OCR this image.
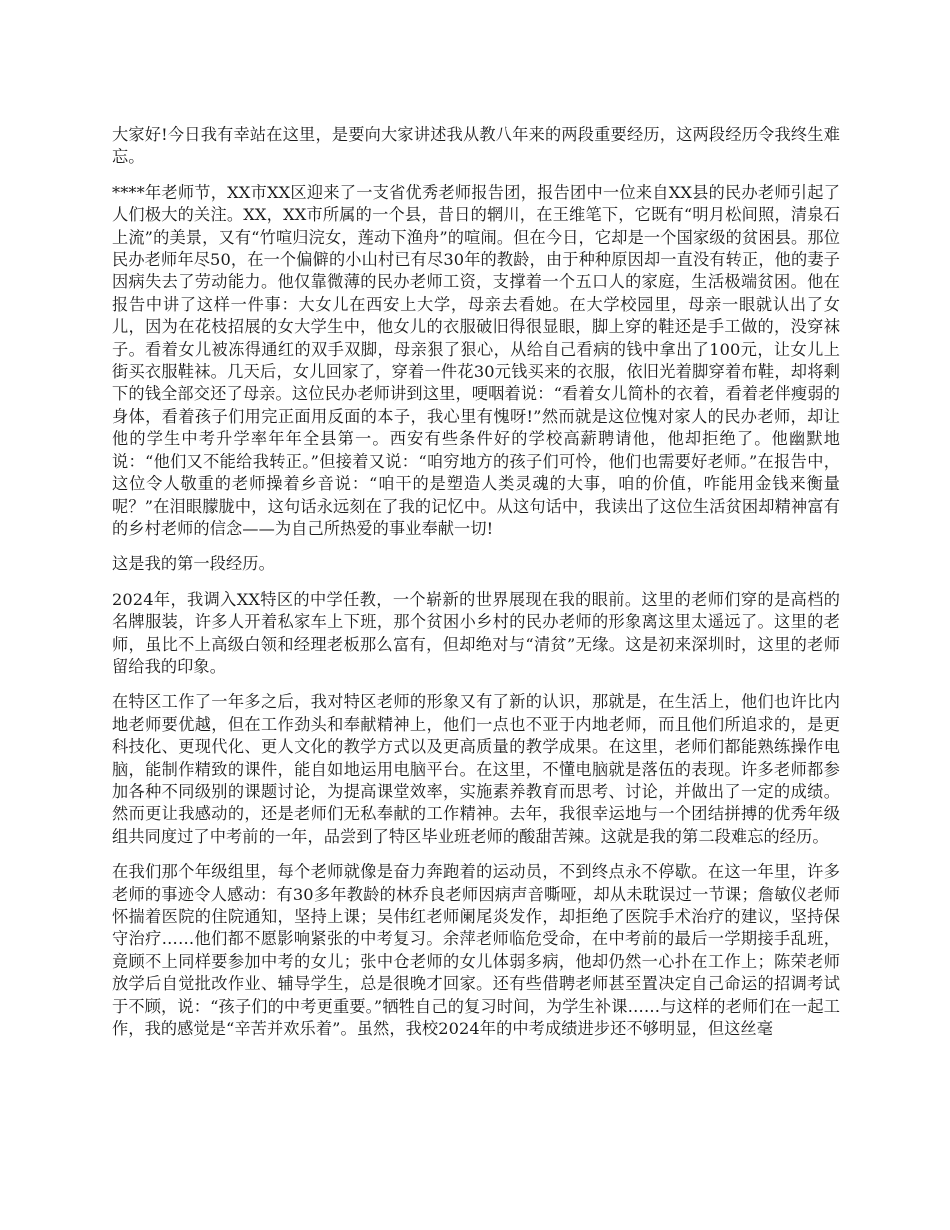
大家好!今日我有幸站在这里，是要向大家讲述我从教八年来的两段重要经历，这两段经历令我终生难忘。

****年老师节，XX市XX区迎来了一支省优秀老师报告团，报告团中一位来自XX县的民办老师引起了人们极大的关注。XX，XX市所属的一个县，昔日的辋川，在王维笔下，它既有“明月松间照，清泉石上流”的美景，又有“竹喧归浣女，莲动下渔舟”的喧闹。但在今日，它却是一个国家级的贫困县。那位民办老师年尽50，在一个偏僻的小山村已有尽30年的教龄，由于种种原因却一直没有转正，他的妻子因病失去了劳动能力。他仅靠微薄的民办老师工资，支撑着一个五口人的家庭，生活极端贫困。他在报告中讲了这样一件事：大女儿在西安上大学，母亲去看她。在大学校园里，母亲一眼就认出了女儿，因为在花枝招展的女大学生中，他女儿的衣服破旧得很显眼，脚上穿的鞋还是手工做的，没穿袜子。看着女儿被冻得通红的双手双脚，母亲狠了狠心，从给自己看病的钱中拿出了100元，让女儿上街买衣服鞋袜。几天后，女儿回家了，穿着一件花30元钱买来的衣服，依旧光着脚穿着布鞋，却将剩下的钱全部交还了母亲。这位民办老师讲到这里，哽咽着说：“看着女儿简朴的衣着，看着老伴瘦弱的身体，看着孩子们用完正面用反面的本子，我心里有愧呀!”然而就是这位愧对家人的民办老师，却让他的学生中考升学率年年全县第一。西安有些条件好的学校高薪聘请他，他却拒绝了。他幽默地说：“他们又不能给我转正。”但接着又说：“咱穷地方的孩子们可怜，他们也需要好老师。”在报告中，这位令人敬重的老师操着乡音说：“咱干的是塑造人类灵魂的大事，咱的价值，咋能用金钱来衡量呢？”在泪眼朦胧中，这句话永远刻在了我的记忆中。从这句话中，我读出了这位生活贫困却精神富有的乡村老师的信念——为自己所热爱的事业奉献一切!

这是我的第一段经历。

2024年，我调入XX特区的中学任教，一个崭新的世界展现在我的眼前。这里的老师们穿的是高档的名牌服装，许多人开着私家车上下班，那个贫困小乡村的民办老师的形象离这里太遥远了。这里的老师，虽比不上高级白领和经理老板那么富有，但却绝对与“清贫”无缘。这是初来深圳时，这里的老师留给我的印象。

在特区工作了一年多之后，我对特区老师的形象又有了新的认识，那就是，在生活上，他们也许比内地老师要优越，但在工作劲头和奉献精神上，他们一点也不亚于内地老师，而且他们所追求的，是更科技化、更现代化、更人文化的教学方式以及更高质量的教学成果。在这里，老师们都能熟练操作电脑，能制作精致的课件，能自如地运用电脑平台。在这里，不懂电脑就是落伍的表现。许多老师都参加各种不同级别的课题讨论，为提高课堂效率，实施素养教育而思考、讨论，并做出了一定的成绩。然而更让我感动的，还是老师们无私奉献的工作精神。去年，我很幸运地与一个团结拼搏的优秀年级组共同度过了中考前的一年，品尝到了特区毕业班老师的酸甜苦辣。这就是我的第二段难忘的经历。

在我们那个年级组里，每个老师就像是奋力奔跑着的运动员，不到终点永不停歇。在这一年里，许多老师的事迹令人感动：有30多年教龄的林乔良老师因病声音嘶哑，却从未耽误过一节课；詹敏仪老师怀揣着医院的住院通知，坚持上课；吴伟红老师阑尾炎发作，却拒绝了医院手术治疗的建议，坚持保守治疗……他们都不愿影响紧张的中考复习。余萍老师临危受命，在中考前的最后一学期接手乱班，竟顾不上同样要参加中考的女儿；张中仓老师的女儿体弱多病，他却仍然一心扑在工作上；陈荣老师放学后自觉批改作业、辅导学生，总是很晚才回家。还有些借聘老师甚至置决定自己命运的招调考试于不顾，说：“孩子们的中考更重要。”牺牲自己的复习时间，为学生补课……与这样的老师们在一起工作，我的感觉是“辛苦并欢乐着”。虽然，我校2024年的中考成绩进步还不够明显，但这丝毫
